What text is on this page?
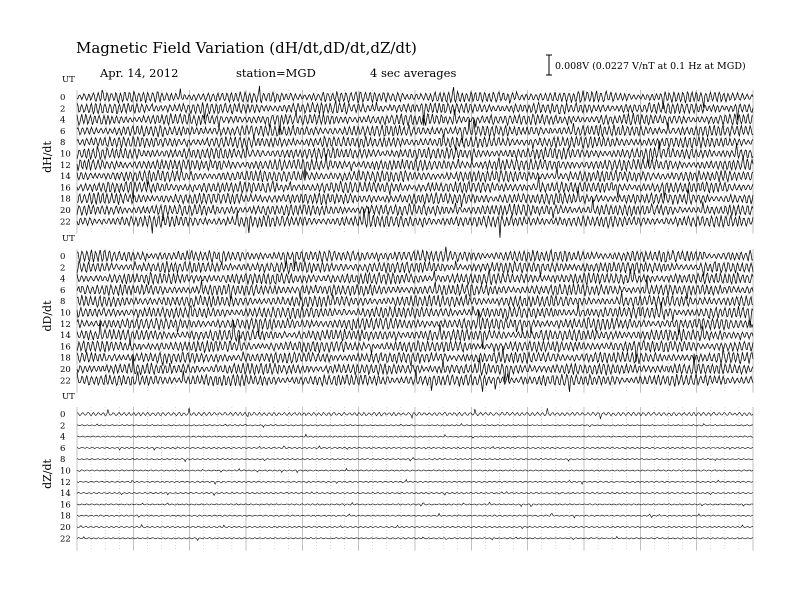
Magnetic Field Variation (dH/dt,dD/dt,dZ/dt)
Apr. 14, 2012	station=MGD	4 sec averages	0.008V (0.0227 V/nT at 0.1 Hz at MGD)
UT
dH/dt
0
2
4
6
8
10
12
14
16
18
20
22
UT
dD/dt
0
2
4
6
8
10
12
14
16
18
20
22
UT
dZ/dt
0
2
4
6
8
10
12
14
16
18
20
22
